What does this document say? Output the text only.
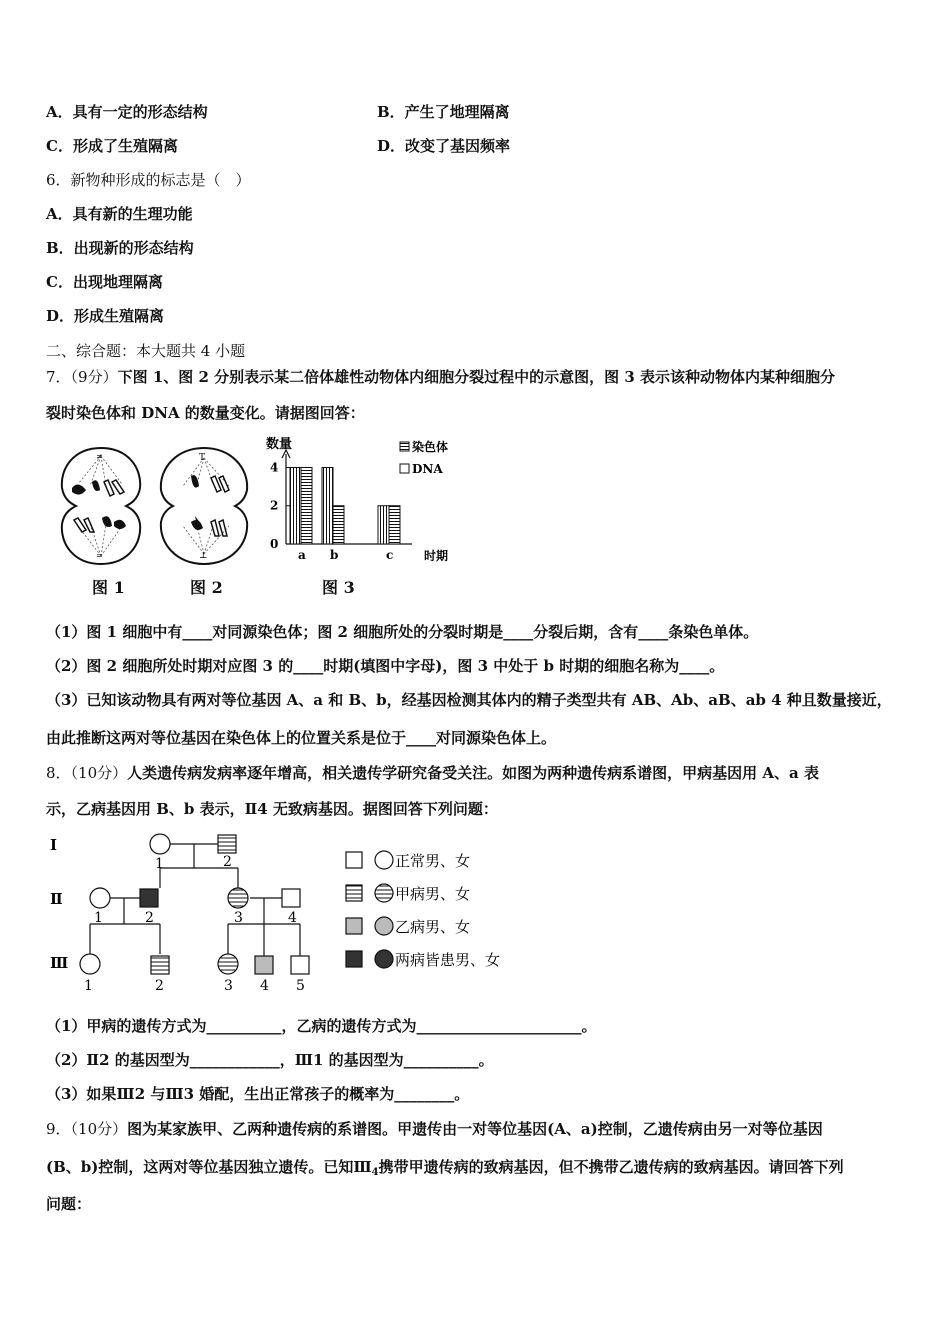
A．具有一定的形态结构	B．产生了地理隔离
C．形成了生殖隔离	D．改变了基因频率
6．新物种形成的标志是（　）
A．具有新的生理功能
B．出现新的形态结构
C．出现地理隔离
D．形成生殖隔离
二、综合题：本大题共 4 小题
7．（9分）下图 1、图 2 分别表示某二倍体雄性动物体内细胞分裂过程中的示意图，图 3 表示该种动物体内某种细胞分
裂时染色体和 DNA 的数量变化。请据图回答：
≠
=
图 1
T
⊥
图 2
数量
时期
0
2
4
a b	c
染色体
DNA
图 3
（1）图 1 细胞中有____对同源染色体；图 2 细胞所处的分裂时期是____分裂后期，含有____条染色单体。
（2）图 2 细胞所处时期对应图 3 的____时期(填图中字母)，图 3 中处于 b 时期的细胞名称为____。
（3）已知该动物具有两对等位基因 A、a 和 B、b，经基因检测其体内的精子类型共有 AB、Ab、aB、ab 4 种且数量接近，
由此推断这两对等位基因在染色体上的位置关系是位于____对同源染色体上。
8．（10分）人类遗传病发病率逐年增高，相关遗传学研究备受关注。如图为两种遗传病系谱图，甲病基因用 A、a 表
示，乙病基因用 B、b 表示，Ⅱ4 无致病基因。据图回答下列问题：
Ⅰ
Ⅱ
Ⅲ
1	2
1	2	3	4
1	2	3 4 5
正常男、女
甲病男、女
乙病男、女
两病皆患男、女
（1）甲病的遗传方式为__________，乙病的遗传方式为______________________。
（2）Ⅱ2 的基因型为____________，Ⅲ1 的基因型为__________。
（3）如果Ⅲ2 与Ⅲ3 婚配，生出正常孩子的概率为________。
9．（10分）图为某家族甲、乙两种遗传病的系谱图。甲遗传由一对等位基因(A、a)控制，乙遗传病由另一对等位基因
(B、b)控制，这两对等位基因独立遗传。已知$Ⅲ_4$携带甲遗传病的致病基因，但不携带乙遗传病的致病基因。请回答下列
问题：
